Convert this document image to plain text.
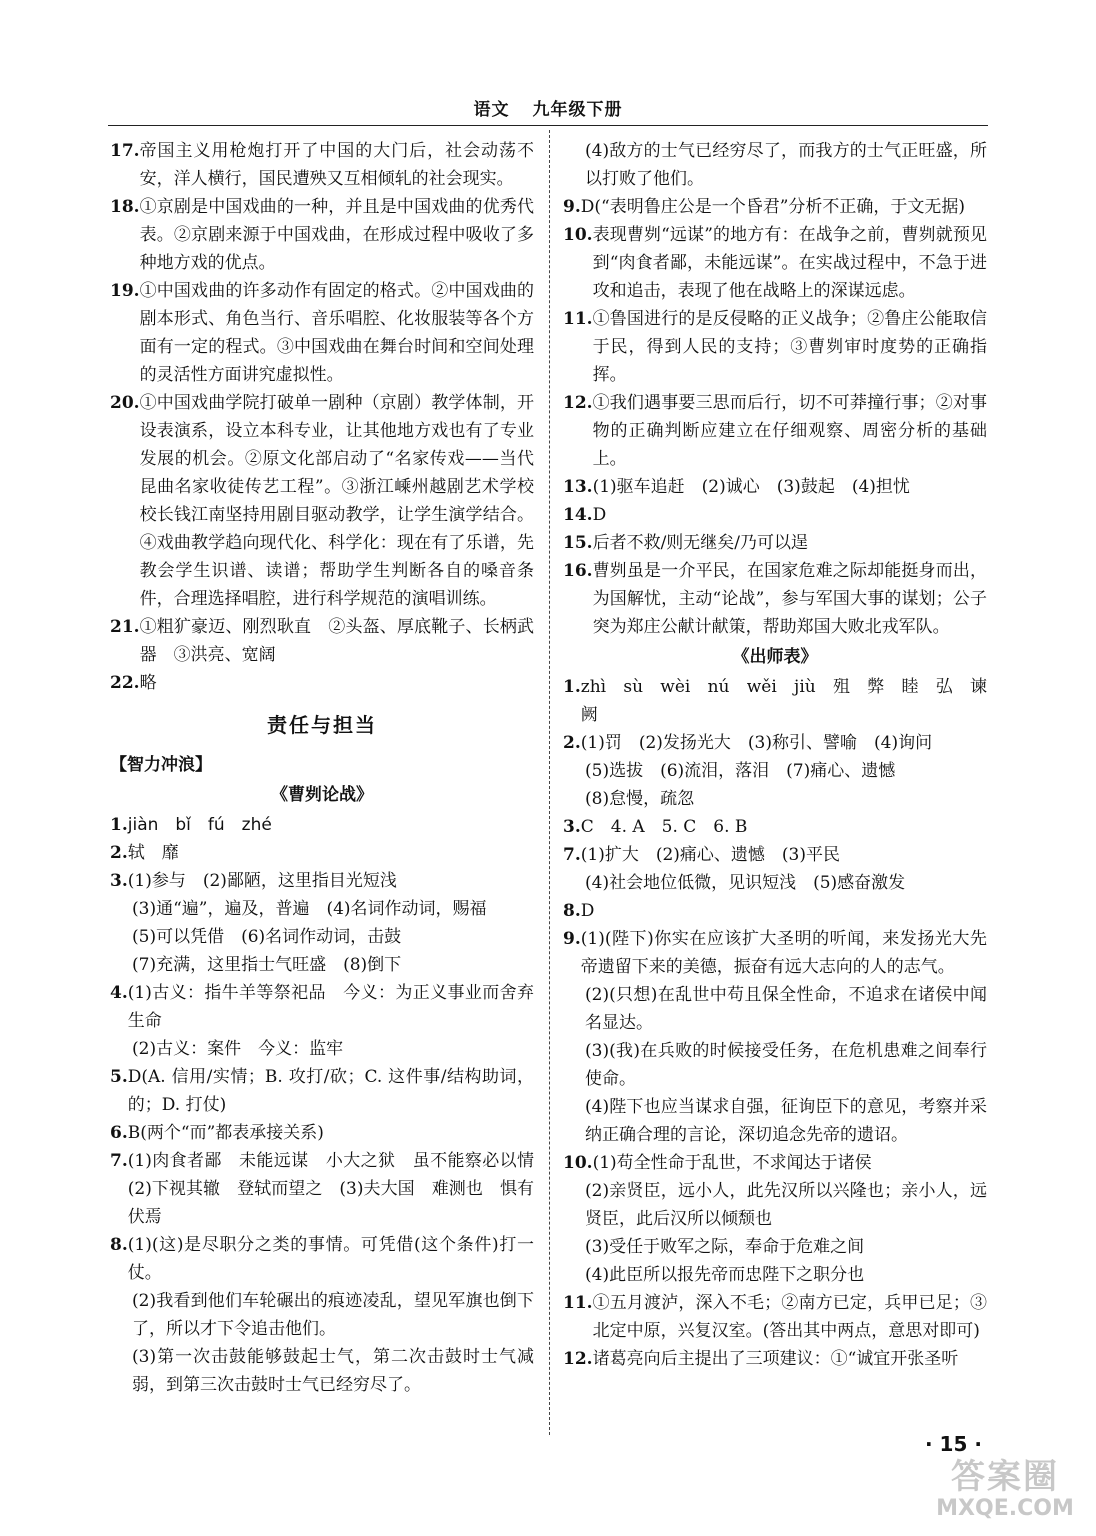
语文 九年级下册
17. 帝国主义用枪炮打开了中国的大门后，社会动荡不安，洋人横行，国民遭殃又互相倾轧的社会现实。
18. ①京剧是中国戏曲的一种，并且是中国戏曲的优秀代表。②京剧来源于中国戏曲，在形成过程中吸收了多种地方戏的优点。
19. ①中国戏曲的许多动作有固定的格式。②中国戏曲的剧本形式、角色当行、音乐唱腔、化妆服装等各个方面有一定的程式。③中国戏曲在舞台时间和空间处理的灵活性方面讲究虚拟性。
20. ①中国戏曲学院打破单一剧种（京剧）教学体制，开设表演系，设立本科专业，让其他地方戏也有了专业发展的机会。②原文化部启动了“名家传戏——当代昆曲名家收徒传艺工程”。③浙江嵊州越剧艺术学校校长钱江南坚持用剧目驱动教学，让学生演学结合。④戏曲教学趋向现代化、科学化：现在有了乐谱，先教会学生识谱、读谱；帮助学生判断各自的嗓音条件，合理选择唱腔，进行科学规范的演唱训练。
21. ①粗犷豪迈、刚烈耿直　②头盔、厚底靴子、长柄武器　③洪亮、宽阔
22. 略
责任与担当
【智力冲浪】
《曹刿论战》
1. jiàn　bǐ　fú　zhé
2. 轼　靡
3. (1)参与　(2)鄙陋，这里指目光短浅
(3)通“遍”，遍及，普遍　(4)名词作动词，赐福
(5)可以凭借　(6)名词作动词，击鼓
(7)充满，这里指士气旺盛　(8)倒下
4. (1)古义：指牛羊等祭祀品　今义：为正义事业而舍弃生命
(2)古义：案件　今义：监牢
5. D(A. 信用/实情；B. 攻打/砍；C. 这件事/结构助词，的；D. 打仗)
6. B(两个“而”都表承接关系)
7. (1)肉食者鄙　未能远谋　小大之狱　虽不能察必以情　(2)下视其辙　登轼而望之　(3)夫大国　难测也　惧有伏焉
8. (1)(这)是尽职分之类的事情。可凭借(这个条件)打一仗。
(2)我看到他们车轮碾出的痕迹凌乱，望见军旗也倒下了，所以才下令追击他们。
(3)第一次击鼓能够鼓起士气，第二次击鼓时士气减弱，到第三次击鼓时士气已经穷尽了。
(4)敌方的士气已经穷尽了，而我方的士气正旺盛，所以打败了他们。
9. D(“表明鲁庄公是一个昏君”分析不正确，于文无据)
10. 表现曹刿“远谋”的地方有：在战争之前，曹刿就预见到“肉食者鄙，未能远谋”。在实战过程中，不急于进攻和追击，表现了他在战略上的深谋远虑。
11. ①鲁国进行的是反侵略的正义战争；②鲁庄公能取信于民，得到人民的支持；③曹刿审时度势的正确指挥。
12. ①我们遇事要三思而后行，切不可莽撞行事；②对事物的正确判断应建立在仔细观察、周密分析的基础上。
13. (1)驱车追赶　(2)诚心　(3)鼓起　(4)担忧
14. D
15. 后者不救/则无继矣/乃可以逞
16. 曹刿虽是一介平民，在国家危难之际却能挺身而出，为国解忧，主动“论战”，参与军国大事的谋划；公子突为郑庄公献计献策，帮助郑国大败北戎军队。
《出师表》
1. zhì　sù　wèi　nú　wěi　jiù　殂　弊　睦　弘　谏　阙
2. (1)罚　(2)发扬光大　(3)称引、譬喻　(4)询问
(5)选拔　(6)流泪，落泪　(7)痛心、遗憾
(8)怠慢，疏忽
3. C　4. A　5. C　6. B
7. (1)扩大　(2)痛心、遗憾　(3)平民
(4)社会地位低微，见识短浅　(5)感奋激发
8. D
9. (1)(陛下)你实在应该扩大圣明的听闻，来发扬光大先帝遗留下来的美德，振奋有远大志向的人的志气。
(2)(只想)在乱世中苟且保全性命，不追求在诸侯中闻名显达。
(3)(我)在兵败的时候接受任务，在危机患难之间奉行使命。
(4)陛下也应当谋求自强，征询臣下的意见，考察并采纳正确合理的言论，深切追念先帝的遗诏。
10. (1)苟全性命于乱世，不求闻达于诸侯
(2)亲贤臣，远小人，此先汉所以兴隆也；亲小人，远贤臣，此后汉所以倾颓也
(3)受任于败军之际，奉命于危难之间
(4)此臣所以报先帝而忠陛下之职分也
11. ①五月渡泸，深入不毛；②南方已定，兵甲已足；③北定中原，兴复汉室。(答出其中两点，意思对即可)
12. 诸葛亮向后主提出了三项建议：①“诚宜开张圣听
· 15 ·
答案圈
MXQE.COM
